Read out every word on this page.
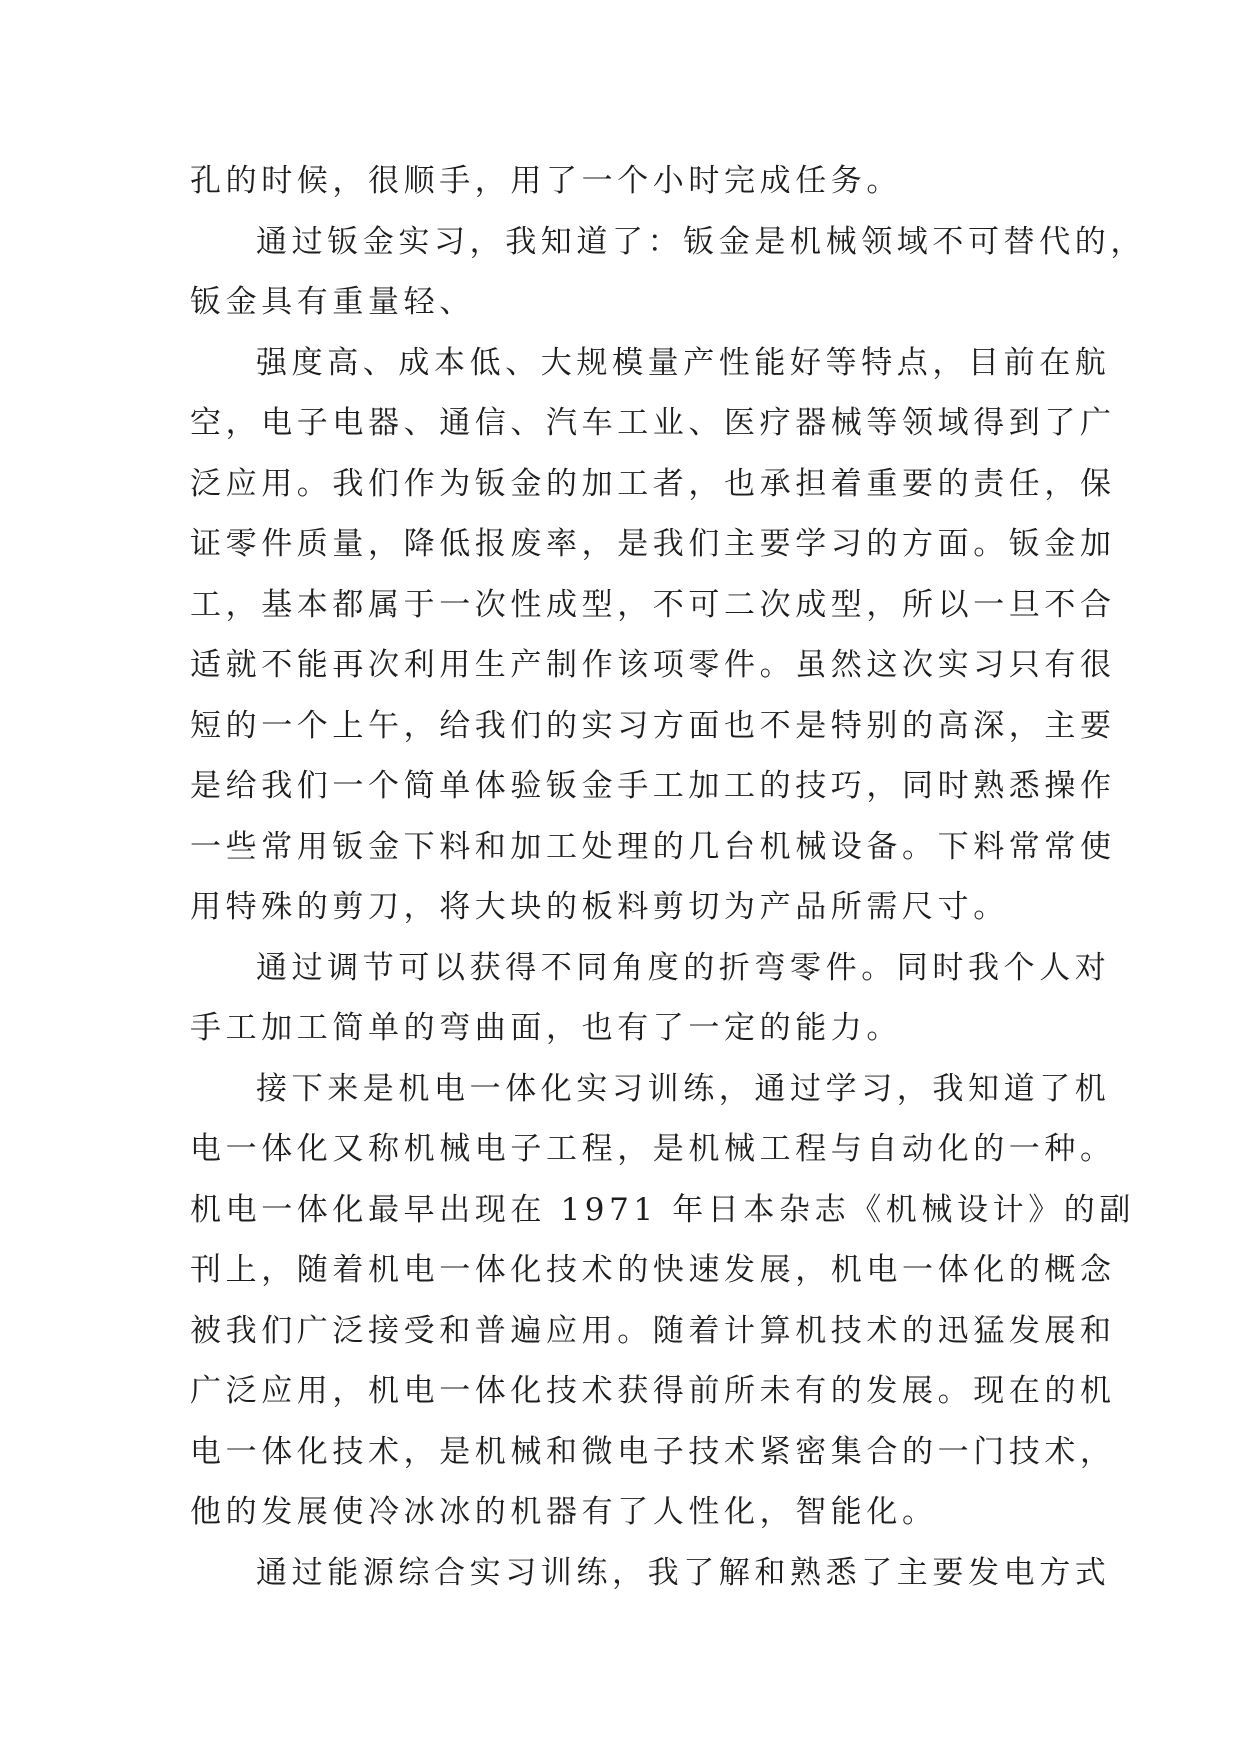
孔的时候，很顺手，用了一个小时完成任务。
通过钣金实习，我知道了：钣金是机械领域不可替代的，
钣金具有重量轻、
强度高、成本低、大规模量产性能好等特点，目前在航
空，电子电器、通信、汽车工业、医疗器械等领域得到了广
泛应用。我们作为钣金的加工者，也承担着重要的责任，保
证零件质量，降低报废率，是我们主要学习的方面。钣金加
工，基本都属于一次性成型，不可二次成型，所以一旦不合
适就不能再次利用生产制作该项零件。虽然这次实习只有很
短的一个上午，给我们的实习方面也不是特别的高深，主要
是给我们一个简单体验钣金手工加工的技巧，同时熟悉操作
一些常用钣金下料和加工处理的几台机械设备。下料常常使
用特殊的剪刀，将大块的板料剪切为产品所需尺寸。
通过调节可以获得不同角度的折弯零件。同时我个人对
手工加工简单的弯曲面，也有了一定的能力。
接下来是机电一体化实习训练，通过学习，我知道了机
电一体化又称机械电子工程，是机械工程与自动化的一种。
机电一体化最早出现在 1971 年日本杂志《机械设计》的副
刊上，随着机电一体化技术的快速发展，机电一体化的概念
被我们广泛接受和普遍应用。随着计算机技术的迅猛发展和
广泛应用，机电一体化技术获得前所未有的发展。现在的机
电一体化技术，是机械和微电子技术紧密集合的一门技术，
他的发展使冷冰冰的机器有了人性化，智能化。
通过能源综合实习训练，我了解和熟悉了主要发电方式
